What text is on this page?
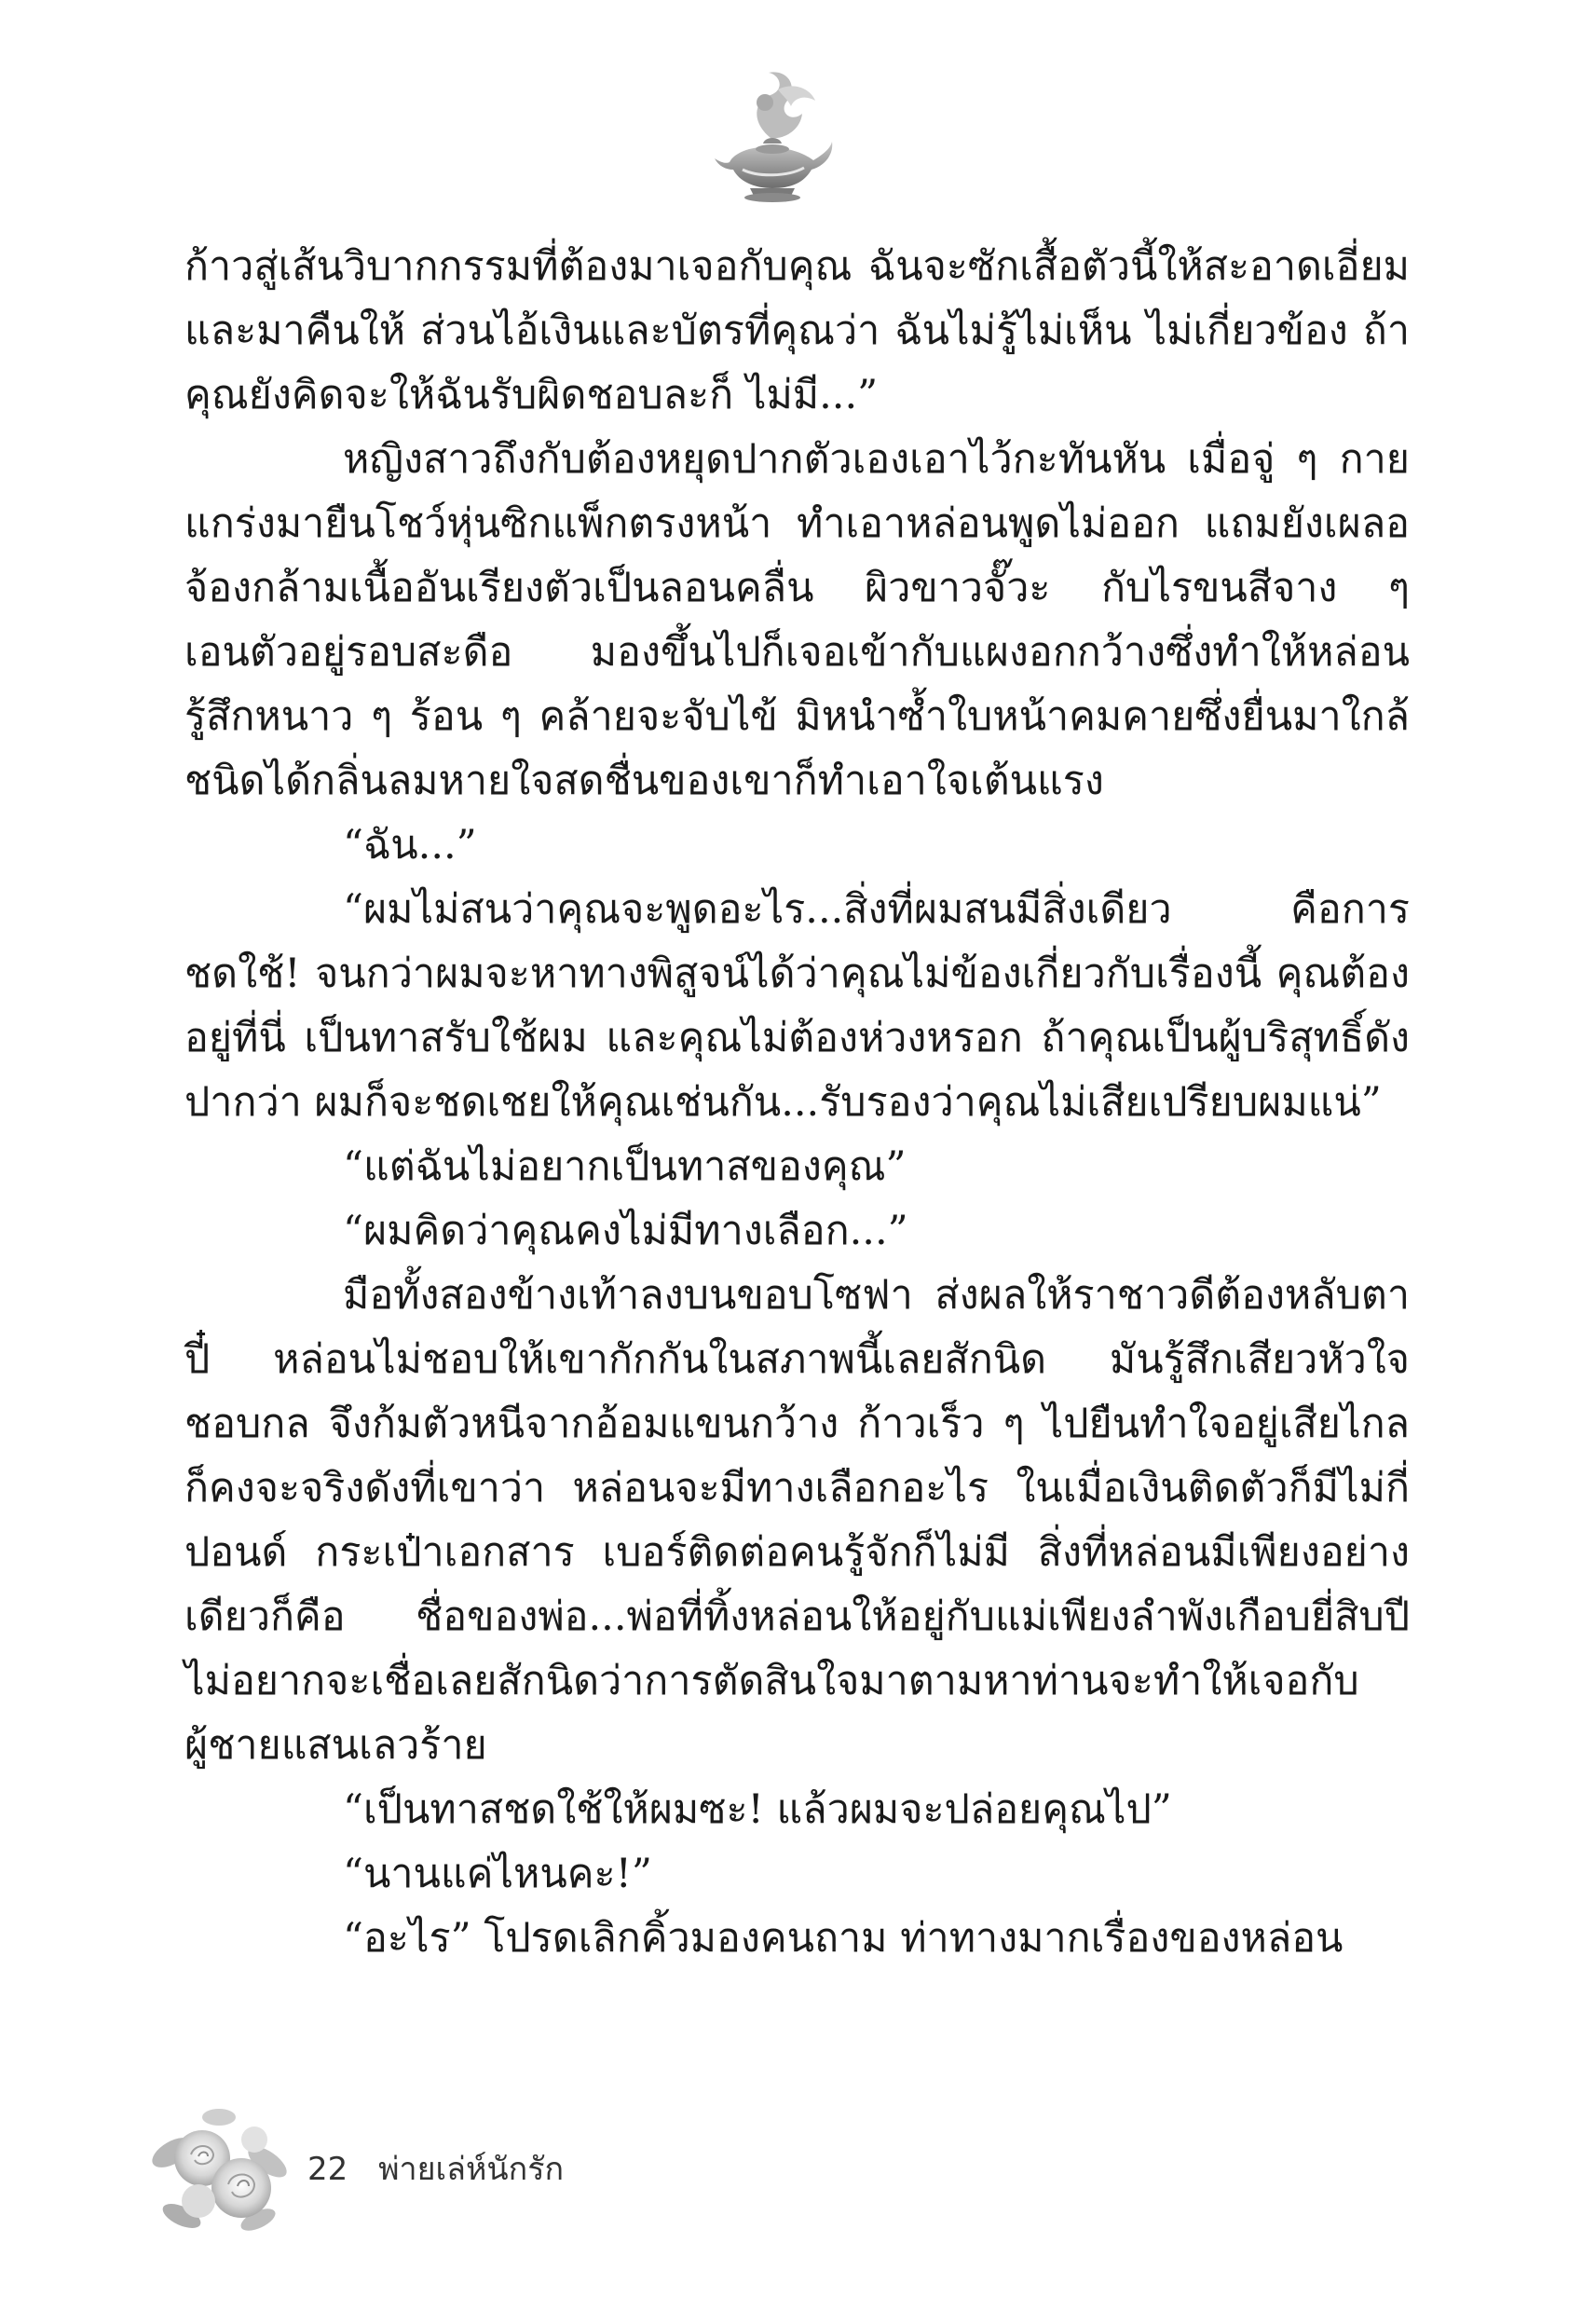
ก้าวสู่เส้นวิบากกรรมที่ต้องมาเจอกับคุณ ฉันจะซักเสื้อตัวนี้ให้สะอาดเอี่ยมและมาคืนให้ ส่วนไอ้เงินและบัตรที่คุณว่า ฉันไม่รู้ไม่เห็น ไม่เกี่ยวข้อง ถ้าคุณยังคิดจะให้ฉันรับผิดชอบละก็ ไม่มี...”

หญิงสาวถึงกับต้องหยุดปากตัวเองเอาไว้กะทันหัน เมื่อจู่ ๆ กายแกร่งมายืนโชว์หุ่นซิกแพ็กตรงหน้า ทำเอาหล่อนพูดไม่ออก แถมยังเผลอจ้องกล้ามเนื้ออันเรียงตัวเป็นลอนคลื่น ผิวขาวจั๊วะ กับไรขนสีจาง ๆ เอนตัวอยู่รอบสะดือ มองขึ้นไปก็เจอเข้ากับแผงอกกว้างซึ่งทำให้หล่อนรู้สึกหนาว ๆ ร้อน ๆ คล้ายจะจับไข้ มิหนำซ้ำใบหน้าคมคายซึ่งยื่นมาใกล้ชนิดได้กลิ่นลมหายใจสดชื่นของเขาก็ทำเอาใจเต้นแรง

“ฉัน...”

“ผมไม่สนว่าคุณจะพูดอะไร...สิ่งที่ผมสนมีสิ่งเดียว คือการชดใช้! จนกว่าผมจะหาทางพิสูจน์ได้ว่าคุณไม่ข้องเกี่ยวกับเรื่องนี้ คุณต้องอยู่ที่นี่ เป็นทาสรับใช้ผม และคุณไม่ต้องห่วงหรอก ถ้าคุณเป็นผู้บริสุทธิ์ดังปากว่า ผมก็จะชดเชยให้คุณเช่นกัน...รับรองว่าคุณไม่เสียเปรียบผมแน่”

“แต่ฉันไม่อยากเป็นทาสของคุณ”

“ผมคิดว่าคุณคงไม่มีทางเลือก...”

มือทั้งสองข้างเท้าลงบนขอบโซฟา ส่งผลให้ราชาวดีต้องหลับตาปี๋ หล่อนไม่ชอบให้เขากักกันในสภาพนี้เลยสักนิด มันรู้สึกเสียวหัวใจชอบกล จึงก้มตัวหนีจากอ้อมแขนกว้าง ก้าวเร็ว ๆ ไปยืนทำใจอยู่เสียไกลก็คงจะจริงดังที่เขาว่า หล่อนจะมีทางเลือกอะไร ในเมื่อเงินติดตัวก็มีไม่กี่ปอนด์ กระเป๋าเอกสาร เบอร์ติดต่อคนรู้จักก็ไม่มี สิ่งที่หล่อนมีเพียงอย่างเดียวก็คือ ชื่อของพ่อ...พ่อที่ทิ้งหล่อนให้อยู่กับแม่เพียงลำพังเกือบยี่สิบปี ไม่อยากจะเชื่อเลยสักนิดว่าการตัดสินใจมาตามหาท่านจะทำให้เจอกับผู้ชายแสนเลวร้าย

“เป็นทาสชดใช้ให้ผมซะ! แล้วผมจะปล่อยคุณไป”

“นานแค่ไหนคะ!”

“อะไร” โปรดเลิกคิ้วมองคนถาม ท่าทางมากเรื่องของหล่อน

22 พ่ายเล่ห์นักรัก
